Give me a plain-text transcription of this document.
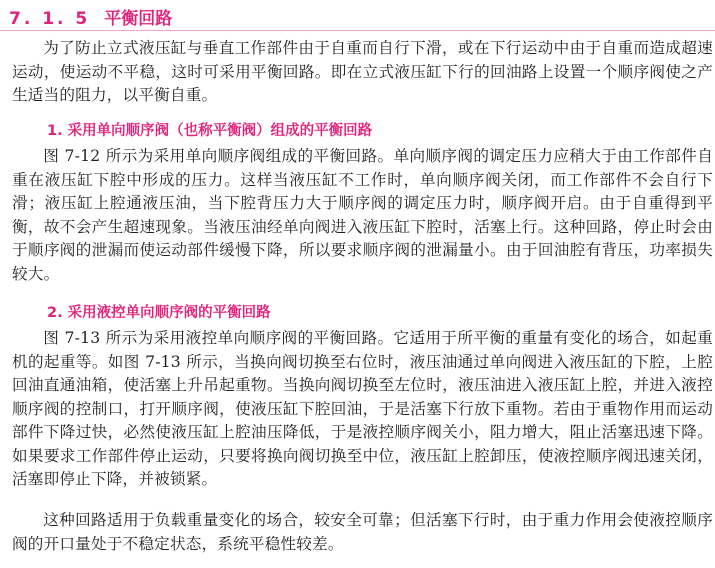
7. 1. 5 平衡回路

为了防止立式液压缸与垂直工作部件由于自重而自行下滑，或在下行运动中由于自重而造成超速运动，使运动不平稳，这时可采用平衡回路。即在立式液压缸下行的回油路上设置一个顺序阀使之产生适当的阻力，以平衡自重。

1. 采用单向顺序阀（也称平衡阀）组成的平衡回路

图 7-12 所示为采用单向顺序阀组成的平衡回路。单向顺序阀的调定压力应稍大于由工作部件自重在液压缸下腔中形成的压力。这样当液压缸不工作时，单向顺序阀关闭，而工作部件不会自行下滑；液压缸上腔通液压油，当下腔背压力大于顺序阀的调定压力时，顺序阀开启。由于自重得到平衡，故不会产生超速现象。当液压油经单向阀进入液压缸下腔时，活塞上行。这种回路，停止时会由于顺序阀的泄漏而使运动部件缓慢下降，所以要求顺序阀的泄漏量小。由于回油腔有背压，功率损失较大。

2. 采用液控单向顺序阀的平衡回路

图 7-13 所示为采用液控单向顺序阀的平衡回路。它适用于所平衡的重量有变化的场合，如起重机的起重等。如图 7-13 所示，当换向阀切换至右位时，液压油通过单向阀进入液压缸的下腔，上腔回油直通油箱，使活塞上升吊起重物。当换向阀切换至左位时，液压油进入液压缸上腔，并进入液控顺序阀的控制口，打开顺序阀，使液压缸下腔回油，于是活塞下行放下重物。若由于重物作用而运动部件下降过快，必然使液压缸上腔油压降低，于是液控顺序阀关小，阻力增大，阻止活塞迅速下降。如果要求工作部件停止运动，只要将换向阀切换至中位，液压缸上腔卸压，使液控顺序阀迅速关闭，活塞即停止下降，并被锁紧。

这种回路适用于负载重量变化的场合，较安全可靠；但活塞下行时，由于重力作用会使液控顺序阀的开口量处于不稳定状态，系统平稳性较差。
